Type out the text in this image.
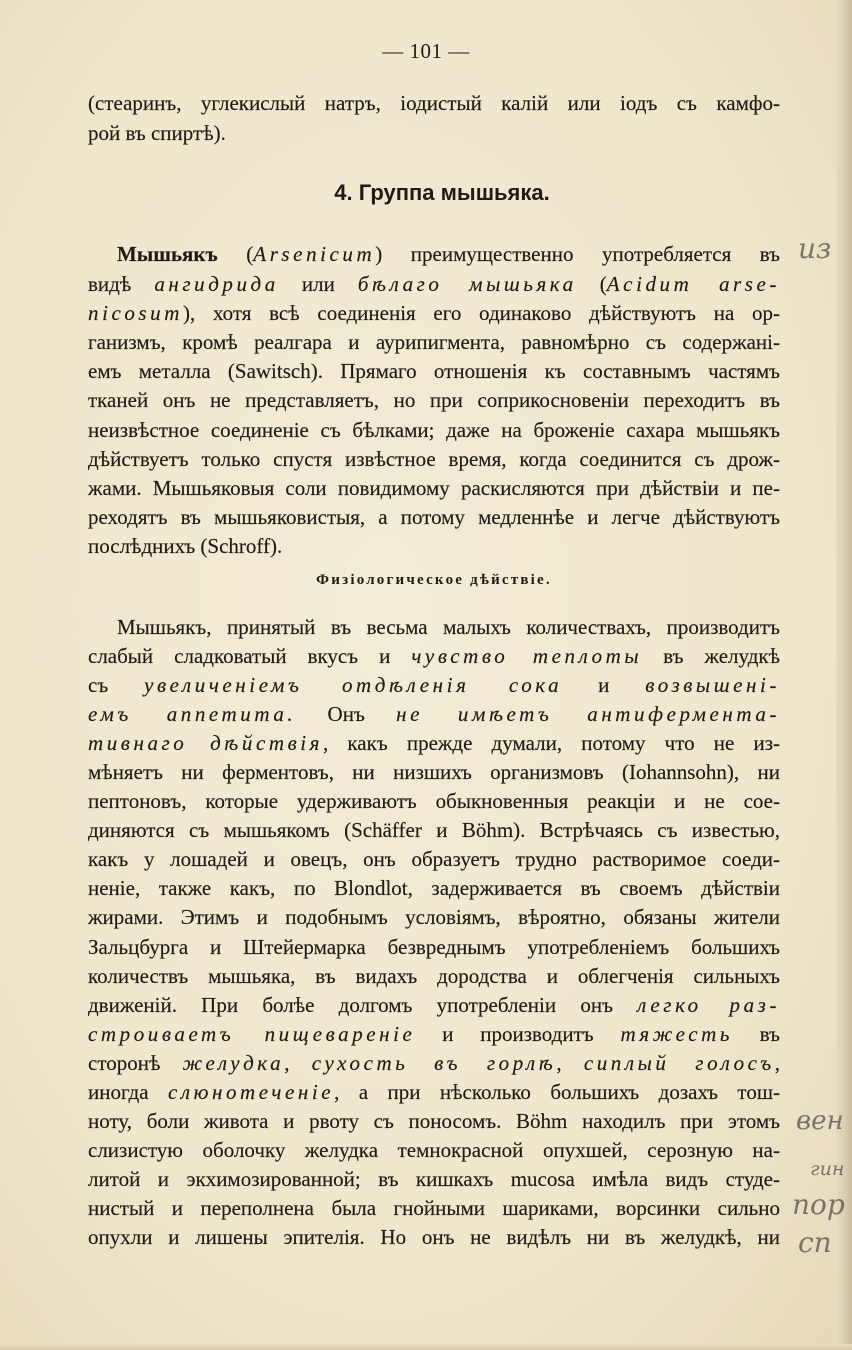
— 101 —
(стеаринъ, углекислый натръ, іодистый калій или іодъ съ камфо-
рой въ спиртѣ).
4. Группа мышьяка.
Мышьякъ (Arsenicum) преимущественно употребляется въ
видѣ ангидрида или бѣлаго мышьяка (Acidum arse-
nicosum), хотя всѣ соединенія его одинаково дѣйствуютъ на ор-
ганизмъ, кромѣ реалгара и аурипигмента, равномѣрно съ содержані-
емъ металла (Sawitsch). Прямаго отношенія къ составнымъ частямъ
тканей онъ не представляетъ, но при соприкосновеніи переходитъ въ
неизвѣстное соединеніе съ бѣлками; даже на броженіе сахара мышьякъ
дѣйствуетъ только спустя извѣстное время, когда соединится съ дрож-
жами. Мышьяковыя соли повидимому раскисляются при дѣйствіи и пе-
реходятъ въ мышьяковистыя, а потому медленнѣе и легче дѣйствуютъ
послѣднихъ (Schroff).
Физіологическое дѣйствіе.
Мышьякъ, принятый въ весьма малыхъ количествахъ, производитъ
слабый сладковатый вкусъ и чувство теплоты въ желудкѣ
съ увеличеніемъ отдѣленія сока и возвышені-
емъ аппетита. Онъ не имѣетъ антифермента-
тивнаго дѣйствія, какъ прежде думали, потому что не из-
мѣняетъ ни ферментовъ, ни низшихъ организмовъ (Iohannsohn), ни
пептоновъ, которые удерживаютъ обыкновенныя реакціи и не сое-
диняются съ мышьякомъ (Schäffer и Böhm). Встрѣчаясь съ известью,
какъ у лошадей и овецъ, онъ образуетъ трудно растворимое соеди-
неніе, также какъ, по Blondlot, задерживается въ своемъ дѣйствіи
жирами. Этимъ и подобнымъ условіямъ, вѣроятно, обязаны жители
Зальцбурга и Штейермарка безвреднымъ употребленіемъ большихъ
количествъ мышьяка, въ видахъ дородства и облегченія сильныхъ
движеній. При болѣе долгомъ употребленіи онъ легко раз-
строиваетъ пищевареніе и производитъ тяжесть въ
сторонѣ желудка, сухость въ горлѣ, сиплый голосъ,
иногда слюнотеченіе, а при нѣсколько большихъ дозахъ тош-
ноту, боли живота и рвоту съ поносомъ. Böhm находилъ при этомъ
слизистую оболочку желудка темнокрасной опухшей, серозную на-
литой и экхимозированной; въ кишкахъ mucosa имѣла видъ студе-
нистый и переполнена была гнойными шариками, ворсинки сильно
опухли и лишены эпителія. Но онъ не видѣлъ ни въ желудкѣ, ни
из
вен
гин
пор
сп
